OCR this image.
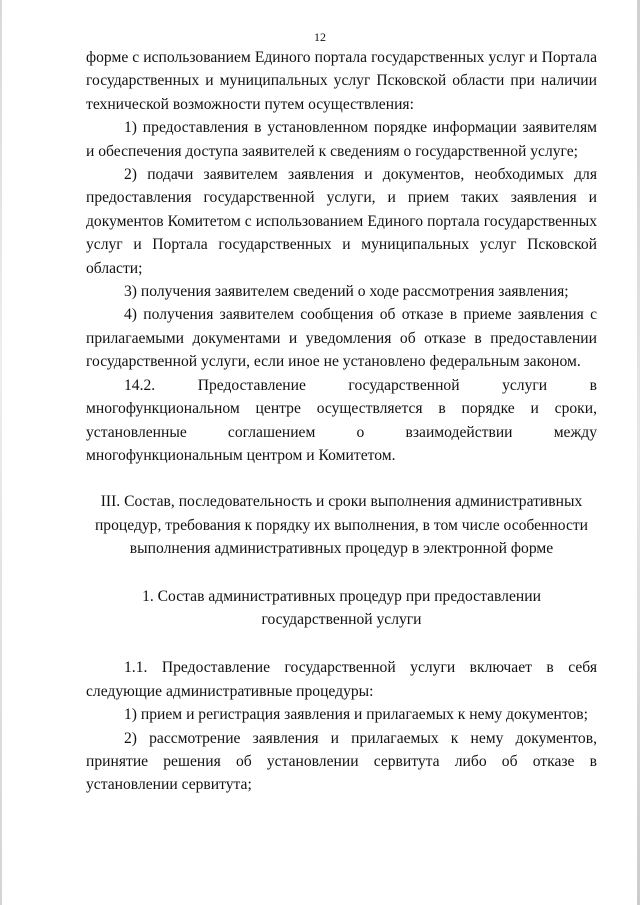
12

форме с использованием Единого портала государственных услуг и Портала государственных и муниципальных услуг Псковской области при наличии технической возможности путем осуществления:

1) предоставления в установленном порядке информации заявителям и обеспечения доступа заявителей к сведениям о государственной услуге;

2) подачи заявителем заявления и документов, необходимых для предоставления государственной услуги, и прием таких заявления и документов Комитетом с использованием Единого портала государственных услуг и Портала государственных и муниципальных услуг Псковской области;

3) получения заявителем сведений о ходе рассмотрения заявления;

4) получения заявителем сообщения об отказе в приеме заявления с прилагаемыми документами и уведомления об отказе в предоставлении государственной услуги, если иное не установлено федеральным законом.

14.2. Предоставление государственной услуги в многофункциональном центре осуществляется в порядке и сроки, установленные соглашением о взаимодействии между многофункциональным центром и Комитетом.

III. Состав, последовательность и сроки выполнения административных процедур, требования к порядку их выполнения, в том числе особенности выполнения административных процедур в электронной форме

1. Состав административных процедур при предоставлении государственной услуги

1.1. Предоставление государственной услуги включает в себя следующие административные процедуры:

1) прием и регистрация заявления и прилагаемых к нему документов;

2) рассмотрение заявления и прилагаемых к нему документов, принятие решения об установлении сервитута либо об отказе в установлении сервитута;
